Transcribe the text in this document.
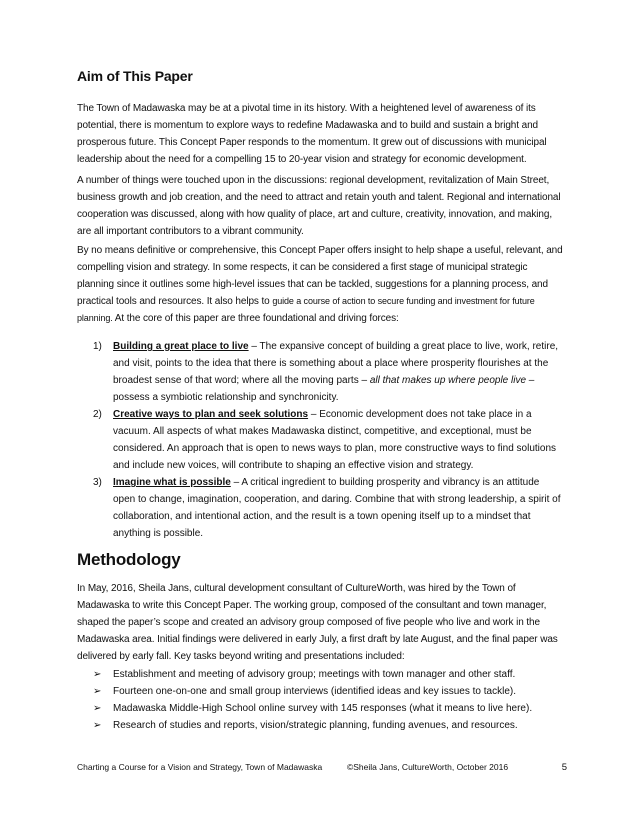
Aim of This Paper
The Town of Madawaska may be at a pivotal time in its history. With a heightened level of awareness of its potential, there is momentum to explore ways to redefine Madawaska and to build and sustain a bright and prosperous future. This Concept Paper responds to the momentum. It grew out of discussions with municipal leadership about the need for a compelling 15 to 20-year vision and strategy for economic development.
A number of things were touched upon in the discussions: regional development, revitalization of Main Street, business growth and job creation, and the need to attract and retain youth and talent. Regional and international cooperation was discussed, along with how quality of place, art and culture, creativity, innovation, and making, are all important contributors to a vibrant community.
By no means definitive or comprehensive, this Concept Paper offers insight to help shape a useful, relevant, and compelling vision and strategy. In some respects, it can be considered a first stage of municipal strategic planning since it outlines some high-level issues that can be tackled, suggestions for a planning process, and practical tools and resources. It also helps to guide a course of action to secure funding and investment for future planning. At the core of this paper are three foundational and driving forces:
1)	Building a great place to live – The expansive concept of building a great place to live, work, retire, and visit, points to the idea that there is something about a place where prosperity flourishes at the broadest sense of that word; where all the moving parts – all that makes up where people live – possess a symbiotic relationship and synchronicity.
2)	Creative ways to plan and seek solutions – Economic development does not take place in a vacuum. All aspects of what makes Madawaska distinct, competitive, and exceptional, must be considered. An approach that is open to news ways to plan, more constructive ways to find solutions and include new voices, will contribute to shaping an effective vision and strategy.
3)	Imagine what is possible – A critical ingredient to building prosperity and vibrancy is an attitude open to change, imagination, cooperation, and daring. Combine that with strong leadership, a spirit of collaboration, and intentional action, and the result is a town opening itself up to a mindset that anything is possible.
Methodology
In May, 2016, Sheila Jans, cultural development consultant of CultureWorth, was hired by the Town of Madawaska to write this Concept Paper. The working group, composed of the consultant and town manager, shaped the paper’s scope and created an advisory group composed of five people who live and work in the Madawaska area. Initial findings were delivered in early July, a first draft by late August, and the final paper was delivered by early fall. Key tasks beyond writing and presentations included:
➢ Establishment and meeting of advisory group; meetings with town manager and other staff.
➢ Fourteen one-on-one and small group interviews (identified ideas and key issues to tackle).
➢ Madawaska Middle-High School online survey with 145 responses (what it means to live here).
➢ Research of studies and reports, vision/strategic planning, funding avenues, and resources.
Charting a Course for a Vision and Strategy, Town of Madawaska	©Sheila Jans, CultureWorth, October 2016	5
